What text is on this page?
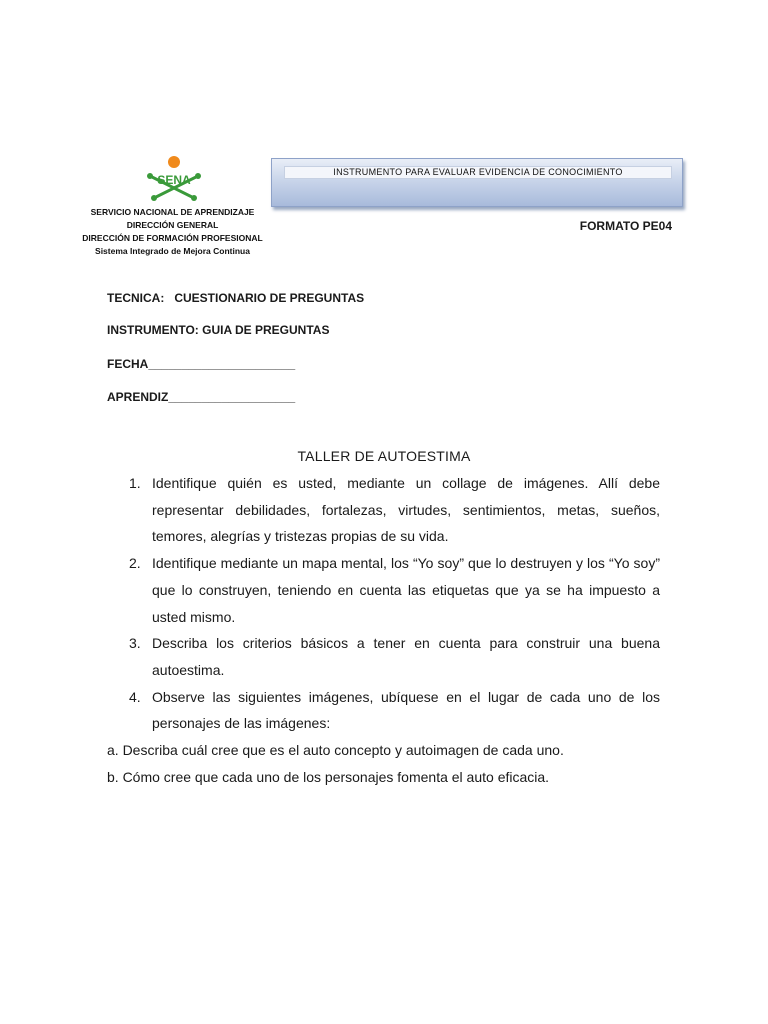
SENA
SERVICIO NACIONAL DE APRENDIZAJE
DIRECCIÓN GENERAL
DIRECCIÓN DE FORMACIÓN PROFESIONAL
Sistema Integrado de Mejora Continua
INSTRUMENTO PARA EVALUAR EVIDENCIA DE CONOCIMIENTO
FORMATO PE04
TECNICA:   CUESTIONARIO DE PREGUNTAS
INSTRUMENTO: GUIA DE PREGUNTAS
FECHA______________________
APRENDIZ___________________
TALLER DE AUTOESTIMA
1. Identifique quién es usted, mediante un collage de imágenes. Allí debe representar debilidades, fortalezas, virtudes, sentimientos, metas, sueños, temores, alegrías y tristezas propias de su vida.
2. Identifique mediante un mapa mental, los “Yo soy” que lo destruyen y los “Yo soy” que lo construyen, teniendo en cuenta las etiquetas que ya se ha impuesto a usted mismo.
3. Describa los criterios básicos a tener en cuenta para construir una buena autoestima.
4. Observe las siguientes imágenes, ubíquese en el lugar de cada uno de los personajes de las imágenes:
a. Describa cuál cree que es el auto concepto y autoimagen de cada uno.
b. Cómo cree que cada uno de los personajes fomenta el auto eficacia.
